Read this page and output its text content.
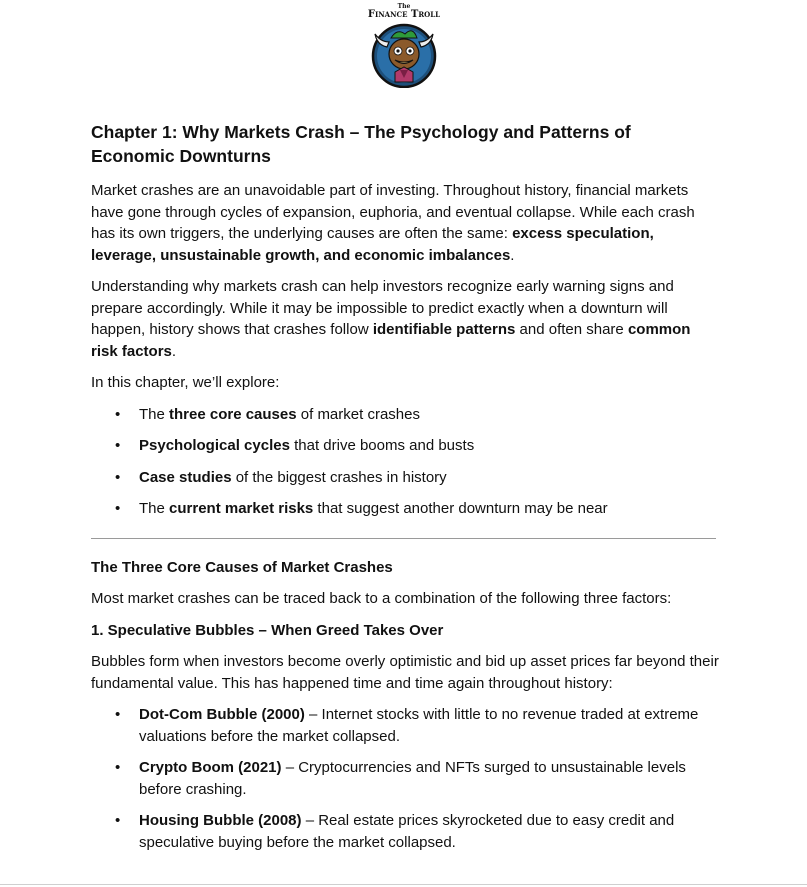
The
Finance Troll
Chapter 1: Why Markets Crash – The Psychology and Patterns of Economic Downturns

Market crashes are an unavoidable part of investing. Throughout history, financial markets have gone through cycles of expansion, euphoria, and eventual collapse. While each crash has its own triggers, the underlying causes are often the same: excess speculation, leverage, unsustainable growth, and economic imbalances.

Understanding why markets crash can help investors recognize early warning signs and prepare accordingly. While it may be impossible to predict exactly when a downturn will happen, history shows that crashes follow identifiable patterns and often share common risk factors.

In this chapter, we’ll explore:

• The three core causes of market crashes
• Psychological cycles that drive booms and busts
• Case studies of the biggest crashes in history
• The current market risks that suggest another downturn may be near
The Three Core Causes of Market Crashes

Most market crashes can be traced back to a combination of the following three factors:

1. Speculative Bubbles – When Greed Takes Over

Bubbles form when investors become overly optimistic and bid up asset prices far beyond their fundamental value. This has happened time and time again throughout history:

• Dot-Com Bubble (2000) – Internet stocks with little to no revenue traded at extreme valuations before the market collapsed.
• Crypto Boom (2021) – Cryptocurrencies and NFTs surged to unsustainable levels before crashing.
• Housing Bubble (2008) – Real estate prices skyrocketed due to easy credit and speculative buying before the market collapsed.
